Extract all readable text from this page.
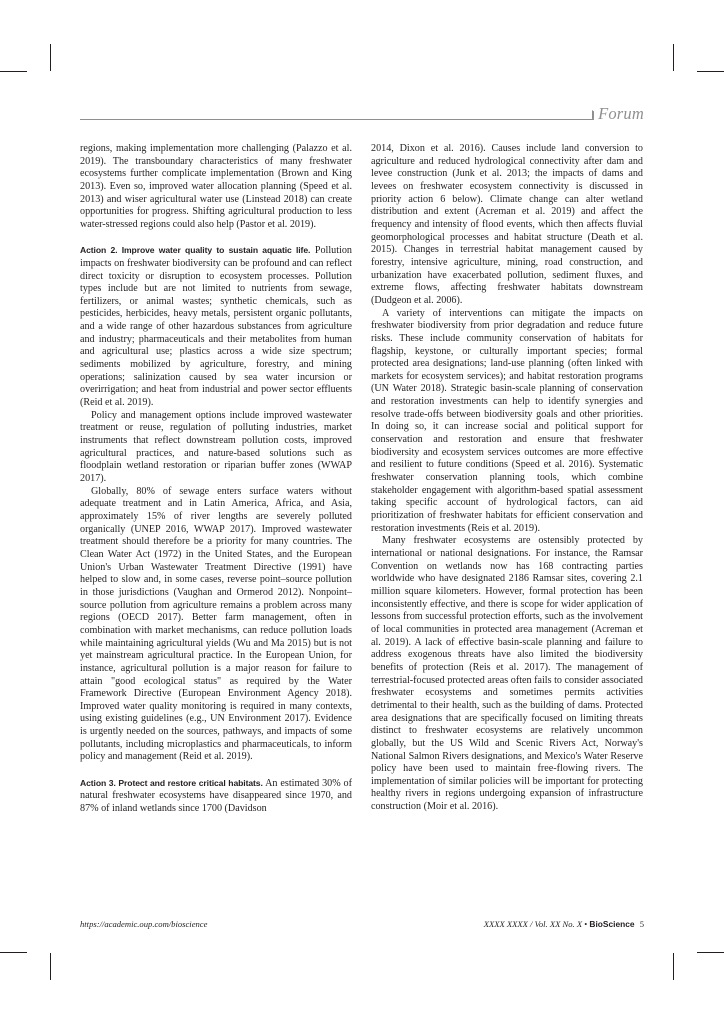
Forum

regions, making implementation more challenging (Palazzo et al. 2019). The transboundary characteristics of many freshwater ecosystems further complicate implementation (Brown and King 2013). Even so, improved water allocation planning (Speed et al. 2013) and wiser agricultural water use (Linstead 2018) can create opportunities for progress. Shifting agricultural production to less water-stressed regions could also help (Pastor et al. 2019).

Action 2. Improve water quality to sustain aquatic life. Pollution impacts on freshwater biodiversity can be profound and can reflect direct toxicity or disruption to ecosystem processes. Pollution types include but are not limited to nutrients from sewage, fertilizers, or animal wastes; synthetic chemicals, such as pesticides, herbicides, heavy metals, persistent organic pollutants, and a wide range of other hazardous substances from agriculture and industry; pharmaceuticals and their metabolites from human and agricultural use; plastics across a wide size spectrum; sediments mobilized by agriculture, forestry, and mining operations; salinization caused by sea water incursion or overirrigation; and heat from industrial and power sector effluents (Reid et al. 2019).

Policy and management options include improved wastewater treatment or reuse, regulation of polluting industries, market instruments that reflect downstream pollution costs, improved agricultural practices, and nature-based solutions such as floodplain wetland restoration or riparian buffer zones (WWAP 2017).

Globally, 80% of sewage enters surface waters without adequate treatment and in Latin America, Africa, and Asia, approximately 15% of river lengths are severely polluted organically (UNEP 2016, WWAP 2017). Improved wastewater treatment should therefore be a priority for many countries. The Clean Water Act (1972) in the United States, and the European Union's Urban Wastewater Treatment Directive (1991) have helped to slow and, in some cases, reverse point–source pollution in those jurisdictions (Vaughan and Ormerod 2012). Nonpoint–source pollution from agriculture remains a problem across many regions (OECD 2017). Better farm management, often in combination with market mechanisms, can reduce pollution loads while maintaining agricultural yields (Wu and Ma 2015) but is not yet mainstream agricultural practice. In the European Union, for instance, agricultural pollution is a major reason for failure to attain "good ecological status" as required by the Water Framework Directive (European Environment Agency 2018). Improved water quality monitoring is required in many contexts, using existing guidelines (e.g., UN Environment 2017). Evidence is urgently needed on the sources, pathways, and impacts of some pollutants, including microplastics and pharmaceuticals, to inform policy and management (Reid et al. 2019).

Action 3. Protect and restore critical habitats. An estimated 30% of natural freshwater ecosystems have disappeared since 1970, and 87% of inland wetlands since 1700 (Davidson

2014, Dixon et al. 2016). Causes include land conversion to agriculture and reduced hydrological connectivity after dam and levee construction (Junk et al. 2013; the impacts of dams and levees on freshwater ecosystem connectivity is discussed in priority action 6 below). Climate change can alter wetland distribution and extent (Acreman et al. 2019) and affect the frequency and intensity of flood events, which then affects fluvial geomorphological processes and habitat structure (Death et al. 2015). Changes in terrestrial habitat management caused by forestry, intensive agriculture, mining, road construction, and urbanization have exacerbated pollution, sediment fluxes, and extreme flows, affecting freshwater habitats downstream (Dudgeon et al. 2006).

A variety of interventions can mitigate the impacts on freshwater biodiversity from prior degradation and reduce future risks. These include community conservation of habitats for flagship, keystone, or culturally important species; formal protected area designations; land-use planning (often linked with markets for ecosystem services); and habitat restoration programs (UN Water 2018). Strategic basin-scale planning of conservation and restoration investments can help to identify synergies and resolve trade-offs between biodiversity goals and other priorities. In doing so, it can increase social and political support for conservation and restoration and ensure that freshwater biodiversity and ecosystem services outcomes are more effective and resilient to future conditions (Speed et al. 2016). Systematic freshwater conservation planning tools, which combine stakeholder engagement with algorithm-based spatial assessment taking specific account of hydrological factors, can aid prioritization of freshwater habitats for efficient conservation and restoration investments (Reis et al. 2019).

Many freshwater ecosystems are ostensibly protected by international or national designations. For instance, the Ramsar Convention on wetlands now has 168 contracting parties worldwide who have designated 2186 Ramsar sites, covering 2.1 million square kilometers. However, formal protection has been inconsistently effective, and there is scope for wider application of lessons from successful protection efforts, such as the involvement of local communities in protected area management (Acreman et al. 2019). A lack of effective basin-scale planning and failure to address exogenous threats have also limited the biodiversity benefits of protection (Reis et al. 2017). The management of terrestrial-focused protected areas often fails to consider associated freshwater ecosystems and sometimes permits activities detrimental to their health, such as the building of dams. Protected area designations that are specifically focused on limiting threats distinct to freshwater ecosystems are relatively uncommon globally, but the US Wild and Scenic Rivers Act, Norway's National Salmon Rivers designations, and Mexico's Water Reserve policy have been used to maintain free-flowing rivers. The implementation of similar policies will be important for protecting healthy rivers in regions undergoing expansion of infrastructure construction (Moir et al. 2016).

https://academic.oup.com/bioscience	XXXX XXXX / Vol. XX No. X • BioScience 5
